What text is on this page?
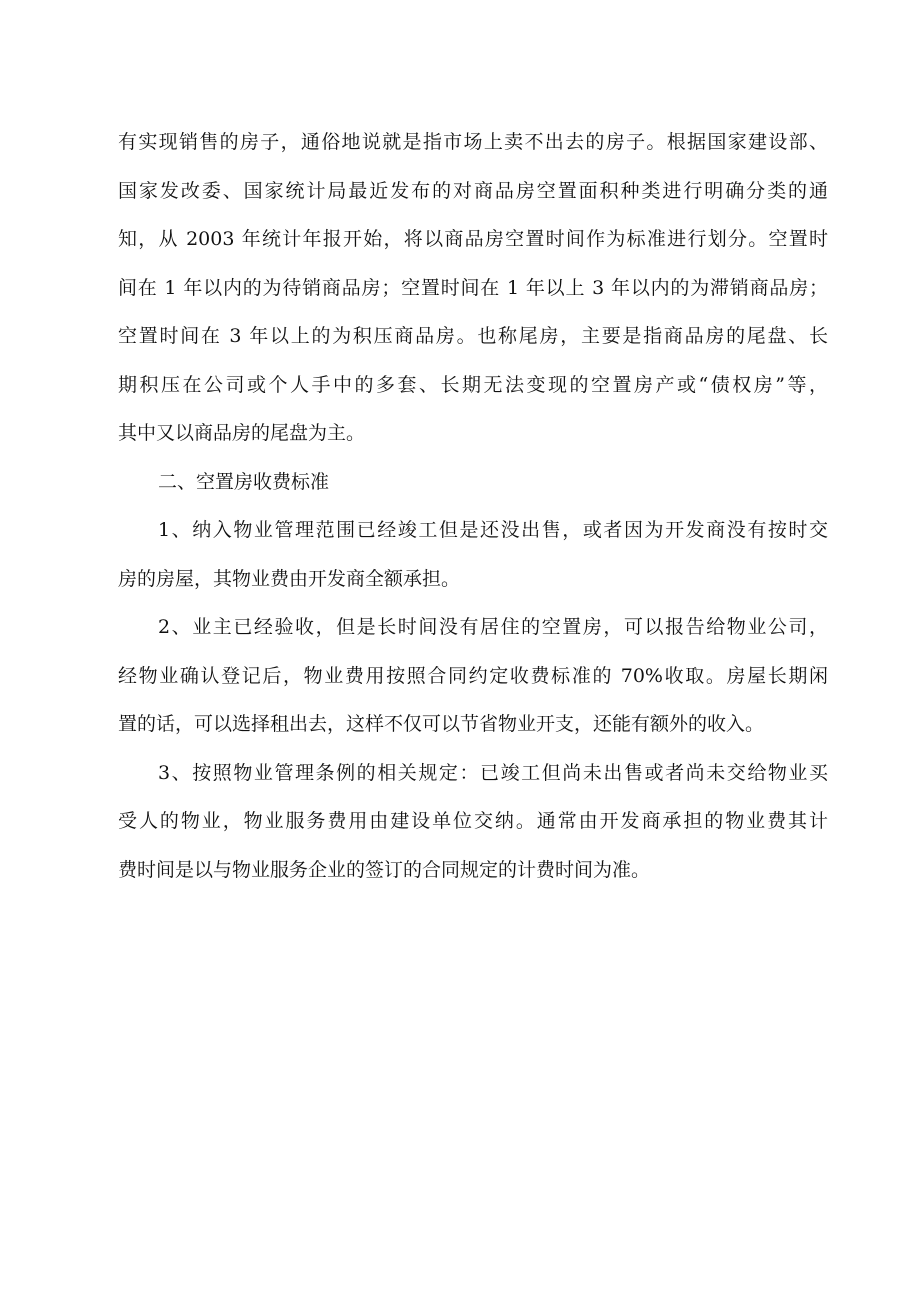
有实现销售的房子，通俗地说就是指市场上卖不出去的房子。根据国家建设部、
国家发改委、国家统计局最近发布的对商品房空置面积种类进行明确分类的通
知，从 2003 年统计年报开始，将以商品房空置时间作为标准进行划分。空置时
间在 1 年以内的为待销商品房；空置时间在 1 年以上 3 年以内的为滞销商品房；
空置时间在 3 年以上的为积压商品房。也称尾房，主要是指商品房的尾盘、长
期积压在公司或个人手中的多套、长期无法变现的空置房产或“债权房”等，
其中又以商品房的尾盘为主。
二、空置房收费标准
1、纳入物业管理范围已经竣工但是还没出售，或者因为开发商没有按时交
房的房屋，其物业费由开发商全额承担。
2、业主已经验收，但是长时间没有居住的空置房，可以报告给物业公司，
经物业确认登记后，物业费用按照合同约定收费标准的 70%收取。房屋长期闲
置的话，可以选择租出去，这样不仅可以节省物业开支，还能有额外的收入。
3、按照物业管理条例的相关规定：已竣工但尚未出售或者尚未交给物业买
受人的物业，物业服务费用由建设单位交纳。通常由开发商承担的物业费其计
费时间是以与物业服务企业的签订的合同规定的计费时间为准。
